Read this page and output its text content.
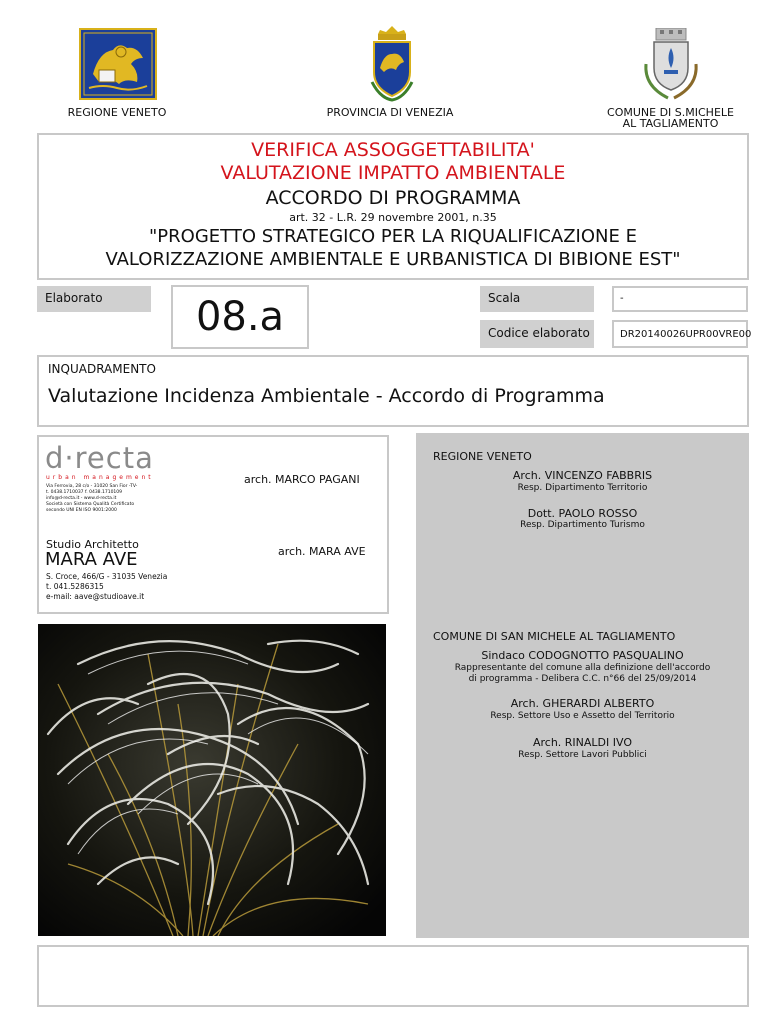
REGIONE VENETO	PROVINCIA DI VENEZIA	COMUNE DI S.MICHELE
AL TAGLIAMENTO
VERIFICA ASSOGGETTABILITA'
VALUTAZIONE IMPATTO AMBIENTALE
ACCORDO DI PROGRAMMA
art. 32 - L.R. 29 novembre 2001, n.35
"PROGETTO STRATEGICO PER LA RIQUALIFICAZIONE E
VALORIZZAZIONE AMBIENTALE E URBANISTICA DI BIBIONE EST"
Elaborato	08.a	Scala	-
Codice elaborato	DR20140026UPR00VRE00
INQUADRAMENTO
Valutazione Incidenza Ambientale - Accordo di Programma
d·recta
urban management
Via Ferrovia, 28 c/o - 31020 San Fior -TV-
t. 0438.1710037 f. 0438.1710109
info@d-recta.it - www.d-recta.it
Società con Sistema Qualità Certificato
secondo UNI EN ISO 9001:2000
arch. MARCO PAGANI
Studio Architetto
MARA AVE
S. Croce, 466/G - 31035 Venezia
t. 041.5286315
e-mail: aave@studioave.it
arch. MARA AVE
REGIONE VENETO
Arch. VINCENZO FABBRIS
Resp. Dipartimento Territorio
Dott. PAOLO ROSSO
Resp. Dipartimento Turismo
COMUNE DI SAN MICHELE AL TAGLIAMENTO
Sindaco CODOGNOTTO PASQUALINO
Rappresentante del comune alla definizione dell'accordo
di programma - Delibera C.C. n°66 del 25/09/2014
Arch. GHERARDI ALBERTO
Resp. Settore Uso e Assetto del Territorio
Arch. RINALDI IVO
Resp. Settore Lavori Pubblici
